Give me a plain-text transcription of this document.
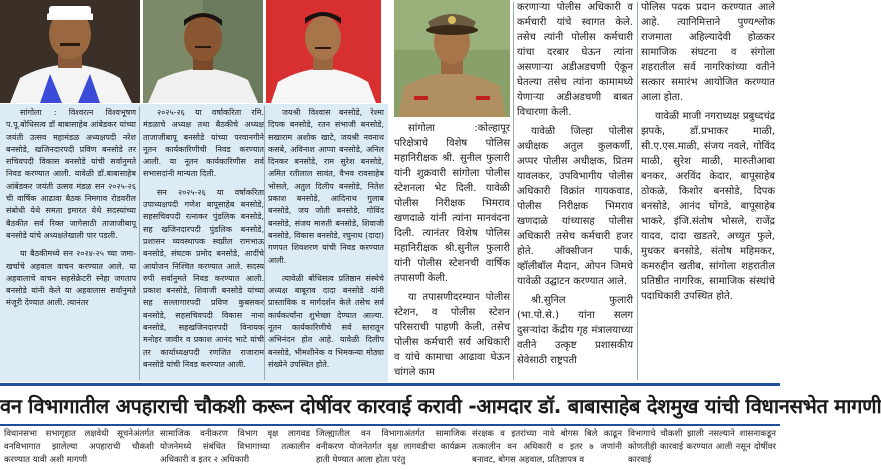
सांगोला : विश्वरत्न विश्वभूषण प.पू.बोधिसत्व डॉ बाबासाहेब आंबेडकर यांच्या जयंती उत्सव महामंडळ अध्यक्षपदी नरेश बनसोडे, खजिनदारपदी प्रविण बनसोडे तर सचिवपदी विकास बनसोडे यांची सर्वानुमते निवड करण्यात आली. यावेळी डॉ.बाबासाहेब आंबेडकर जयंती उत्सव मंडळ सन २०२५-२६ ची वार्षिक आढावा बैठक निमगाव रोडवरील संबोधी येथे समता इमारत येथे सदस्यांच्या बैठकीत सर्व रिक्त जागेसाठी ताजाजीबापू बनसोडे यांचे अध्यक्षतेखाली पार पडली.

या बैठकीमध्ये सन २०२४-२५ च्या जमा-खर्चाचे अहवाल वाचन करण्यात आले. या अहवालाचे वाचन सहसेक्रेटरी स्नेहा जगताप बनसोडे यांनी केले या अहवालास सर्वानुमते मंजूरी देण्यात आली. त्यानंतर

२०२५-२६ या वर्षाकरिता रमि. मंडळाचे अध्यक्ष तथा बैठकीचे अध्यक्ष ताजाजीबापू बनसोडे यांच्या परवानगीने नूतन कार्यकारिणीची निवड करण्यात आली. या नूतन कार्यकारिणीस सर्व सभासदांनी मान्यता दिली.

सन २०२५-२६ या वर्षाकरिता उपाध्यक्षपदी गणेश बापूसाहेब बनसोडे, सहसचिवपदी रत्नाकर पुंडलिक बनसोडे, सह खजिनदारपदी पुंडलिक बनसोडे, प्रशासन व्यवस्थापक स्वप्नील रामभाऊ बनसोडे, संघटक प्रमोद बनसोडे, आदींचे आयोजन निश्चित करण्यात आले. सदस्य रुपी सर्वानुमते निवड करण्यात आली. प्रकाश बनसोडे, शिवाजी बनसोडे यांच्या सह सल्लागारपदी प्रविण कुबसकर बनसोडे, सहसचिवपदी विकास नाना बनसोडे, सहखजिनदारपदी विनायक मनोहर जावीर व प्रकाश आनंद भाटे यांची तर कार्याध्यक्षपदी रणजित राजाराम बनसोडे यांची निवड करण्यात आली.

जयश्री विश्वास बनसोडे, रेश्मा दिपक बनसोडे, रतन संभाजी बनसोडे, सखाराम अशोक खाटे, जयश्री नवनाथ कसबे, अविनाश आप्पा बनसोडे, अनिल दिनकर बनसोडे, राम सुरेश बनसोडे, अमित रतीलाल सावंत, वैभव रावसाहेब भोसले, अतुल दिलीप बनसोडे, नितेश प्रकाश बनसोडे, आदिनाथ गुलाब बनसोडे, जय जोती बनसोडे, गोविंद बनसोडे, संजय मारुती बनसोडे, शिवाजी बनसोडे, विकास बनसोडे, रघुनाथ (दादा) गणपत शिवशरण यांची निवड करण्यात आली.

त्यावेळी बोधिसत्व प्रतिष्ठान संस्थेचे अध्यक्ष बाबूराव दादा बनसोडे यांनी प्रास्ताविक व मार्गदर्शन केले तसेच सर्व कार्यकर्त्यांना शुभेच्छा देण्यात आल्या. नूतन कार्यकारिणीचे सर्व स्तरातून अभिनंदन होत आहे. यावेळी दिलीप बनसोडे, भीमशीनेक व भिमकन्या मोठ्या संख्येने उपस्थित होते.

सांगोला :कोल्हापूर परिक्षेत्राचे विशेष पोलिस महानिरीक्षक श्री. सुनील फुलारी यांनी शुक्रवारी सांगोला पोलीस स्टेशनला भेट दिली. यावेळी पोलीस निरीक्षक भिमराव खणदाळे यांनी त्यांना मानवंदना दिली. त्यानंतर विशेष पोलिस महानिरीक्षक श्री.सुनील फुलारी यांनी पोलीस स्टेशनची वार्षिक तपासणी केली.

या तपासणीदरम्यान पोलीस स्टेशन, व पोलीस स्टेशन परिसराची पाहणी केली, तसेच पोलीस कर्मचारी सर्व अधिकारी व यांचे कामाचा आढावा घेऊन चांगले काम

करणाऱ्या पोलीस अधिकारी व कर्मचारी यांचे स्वागत केले. तसेच त्यांनी पोलीस कर्मचारी यांचा दरबार घेऊन त्यांना असणाऱ्या अडीअडचणी ऐकून घेतल्या तसेच त्यांना कामामध्ये येणाऱ्या अडीअडचणी बाबत विचारणा केली.

यावेळी जिल्हा पोलीस अधीक्षक अतुल कुलकर्णी, अप्पर पोलीस अधीक्षक, प्रितम यावलकर, उपविभागीय पोलीस अधिकारी विक्रांत गायकवाड, पोलीस निरीक्षक भिमराव खणदाळे यांच्यासह पोलीस अधिकारी तसेच कर्मचारी हजर होते. ऑक्सीजन पार्क, व्हॉलीबॉल मैदान, ओपन जिमचे यावेळी उद्घाटन करण्यात आले.

श्री.सुनिल फुलारी (भा.पो.से.) यांना सलग दुसऱ्यांदा केंद्रीय गृह मंत्रालयाच्या वतीने उत्कृष्ट प्रशासकीय सेवेसाठी राष्ट्रपती

पोलिस पदक प्रदान करण्यात आले आहे. त्यानिमित्ताने पुण्यश्लोक राजमाता अहिल्यादेवी होळकर सामाजिक संघटना व संगोला शहरातील सर्व नागरिकांच्या वतीने सत्कार समारंभ आयोजित करण्यात आला होता.

यावेळी माजी नगराध्यक्ष प्रबुध्दचंद्र झपके, डॉ.प्रभाकर माळी, सी.ए.एस.माळी, संजय नवले, गोविंद माळी, सुरेश माळी, मारुतीआबा बनकर, अरविंद केदार, बापूसाहेब ठोकळे, किशोर बनसोडे, दिपक बनसोडे, आनंद घोंगडे, बापूसाहेब भाकरे, इंजि.संतोष भोसले, राजेंद्र यादव, दादा खडतरे, अच्युत फुले, मुधकर बनसोडे, संतोष महिमकर, कमरुद्दीन खतीब, सांगोला शहरातील प्रतिष्ठीत नागरिक, सामाजिक संस्थांचे पदाधिकारी उपस्थित होते.

वन विभागातील अपहाराची चौकशी करून दोषींवर कारवाई करावी -आमदार डॉ. बाबासाहेब देशमुख यांची विधानसभेत मागणी
विधानसभा सभागृहात लक्षवेधी सूचनेअंतर्गत वनविभागात झालेल्या अपहाराची चौकशी करण्यात यावी अशी मागणी
सामाजिक वनीकरण विभाग वृक्ष लागवड योजनेमध्ये संबंधित विभागाच्या तत्कालीन अधिकारी व इतर २ अधिकारी
जिल्ह्यातील वन विभागाअंतर्गत सामाजिक वनीकरण योजनेतर्गत वृक्ष लागवडीचा कार्यक्रम हाती घेण्यात आला होता परंतु
संरक्षक व इतरांच्या नावे बोगस बिले काढून तत्कालीन वन अधिकारी व इतर ७ जणांनी बनावट, बोगस अहवाल, प्रतिज्ञापत्र व
विभागाचे चौकशी झाली नसल्याने शासनाकडून कोणतीही कारवाई करण्यात आली नसून दोषींवर कारवाई
